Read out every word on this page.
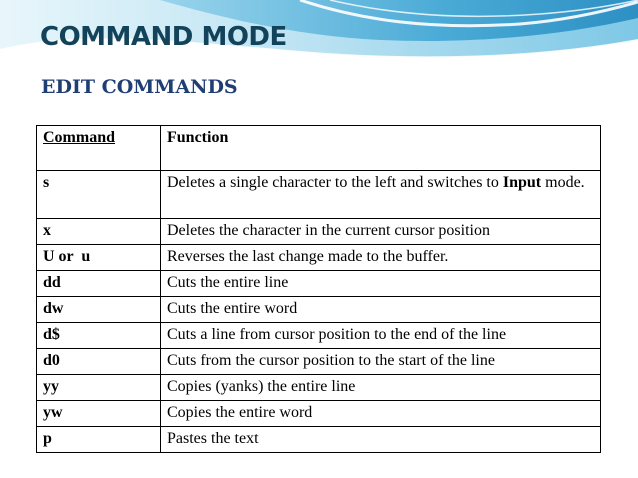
COMMAND MODE
EDIT COMMANDS
Command	Function
s	Deletes a single character to the left and switches to Input mode.
x	Deletes the character in the current cursor position
U or  u	Reverses the last change made to the buffer.
dd	Cuts the entire line
dw	Cuts the entire word
d$	Cuts a line from cursor position to the end of the line
d0	Cuts from the cursor position to the start of the line
yy	Copies (yanks) the entire line
yw	Copies the entire word
p	Pastes the text
